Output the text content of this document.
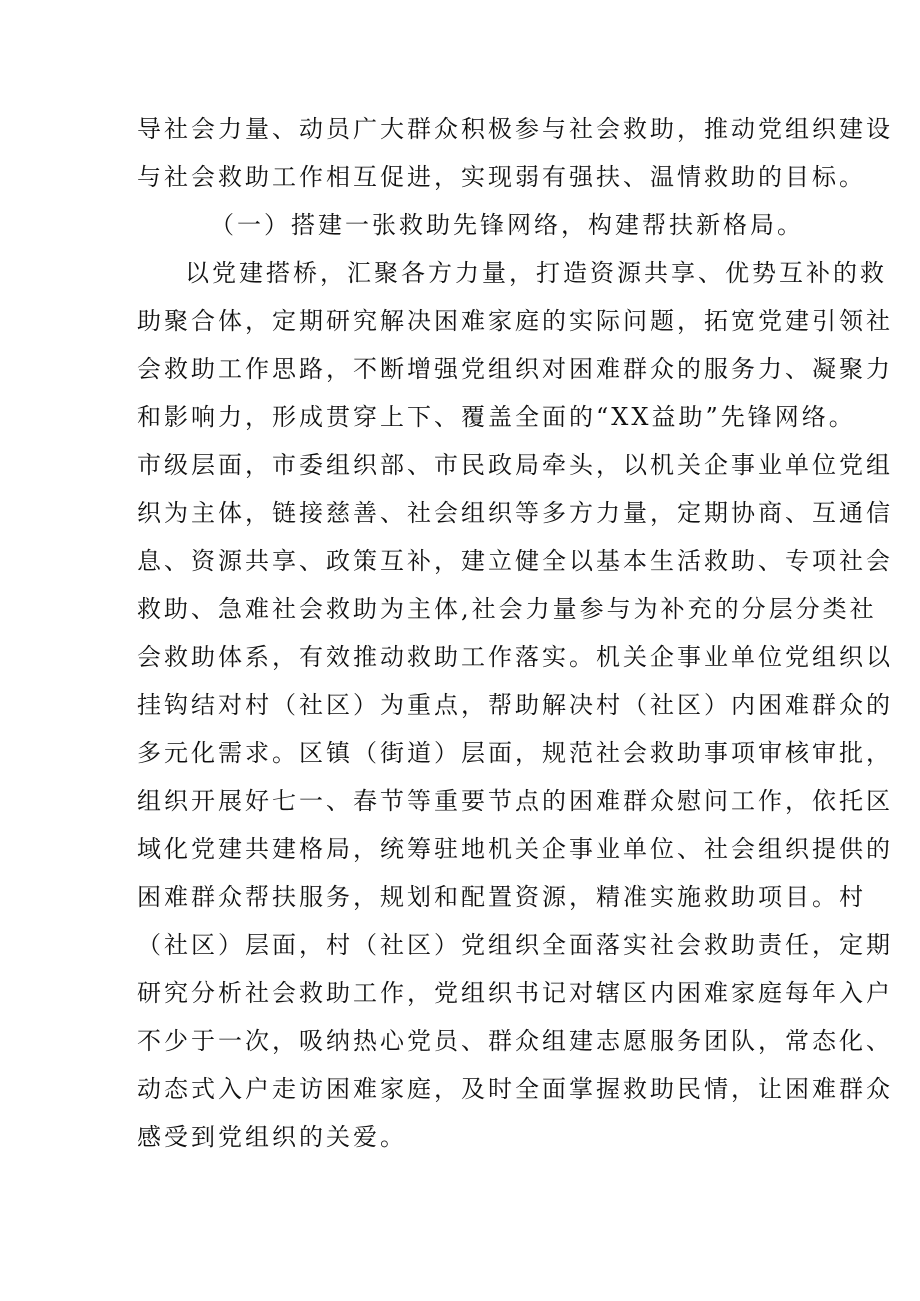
导社会力量、动员广大群众积极参与社会救助，推动党组织建设
与社会救助工作相互促进，实现弱有强扶、温情救助的目标。
（一）搭建一张救助先锋网络，构建帮扶新格局。
以党建搭桥，汇聚各方力量，打造资源共享、优势互补的救
助聚合体，定期研究解决困难家庭的实际问题，拓宽党建引领社
会救助工作思路，不断增强党组织对困难群众的服务力、凝聚力
和影响力，形成贯穿上下、覆盖全面的“XX益助”先锋网络。
市级层面，市委组织部、市民政局牵头，以机关企事业单位党组
织为主体，链接慈善、社会组织等多方力量，定期协商、互通信
息、资源共享、政策互补，建立健全以基本生活救助、专项社会
救助、急难社会救助为主体,社会力量参与为补充的分层分类社
会救助体系，有效推动救助工作落实。机关企事业单位党组织以
挂钩结对村（社区）为重点，帮助解决村（社区）内困难群众的
多元化需求。区镇（街道）层面，规范社会救助事项审核审批，
组织开展好七一、春节等重要节点的困难群众慰问工作，依托区
域化党建共建格局，统筹驻地机关企事业单位、社会组织提供的
困难群众帮扶服务，规划和配置资源，精准实施救助项目。村
（社区）层面，村（社区）党组织全面落实社会救助责任，定期
研究分析社会救助工作，党组织书记对辖区内困难家庭每年入户
不少于一次，吸纳热心党员、群众组建志愿服务团队，常态化、
动态式入户走访困难家庭，及时全面掌握救助民情，让困难群众
感受到党组织的关爱。
